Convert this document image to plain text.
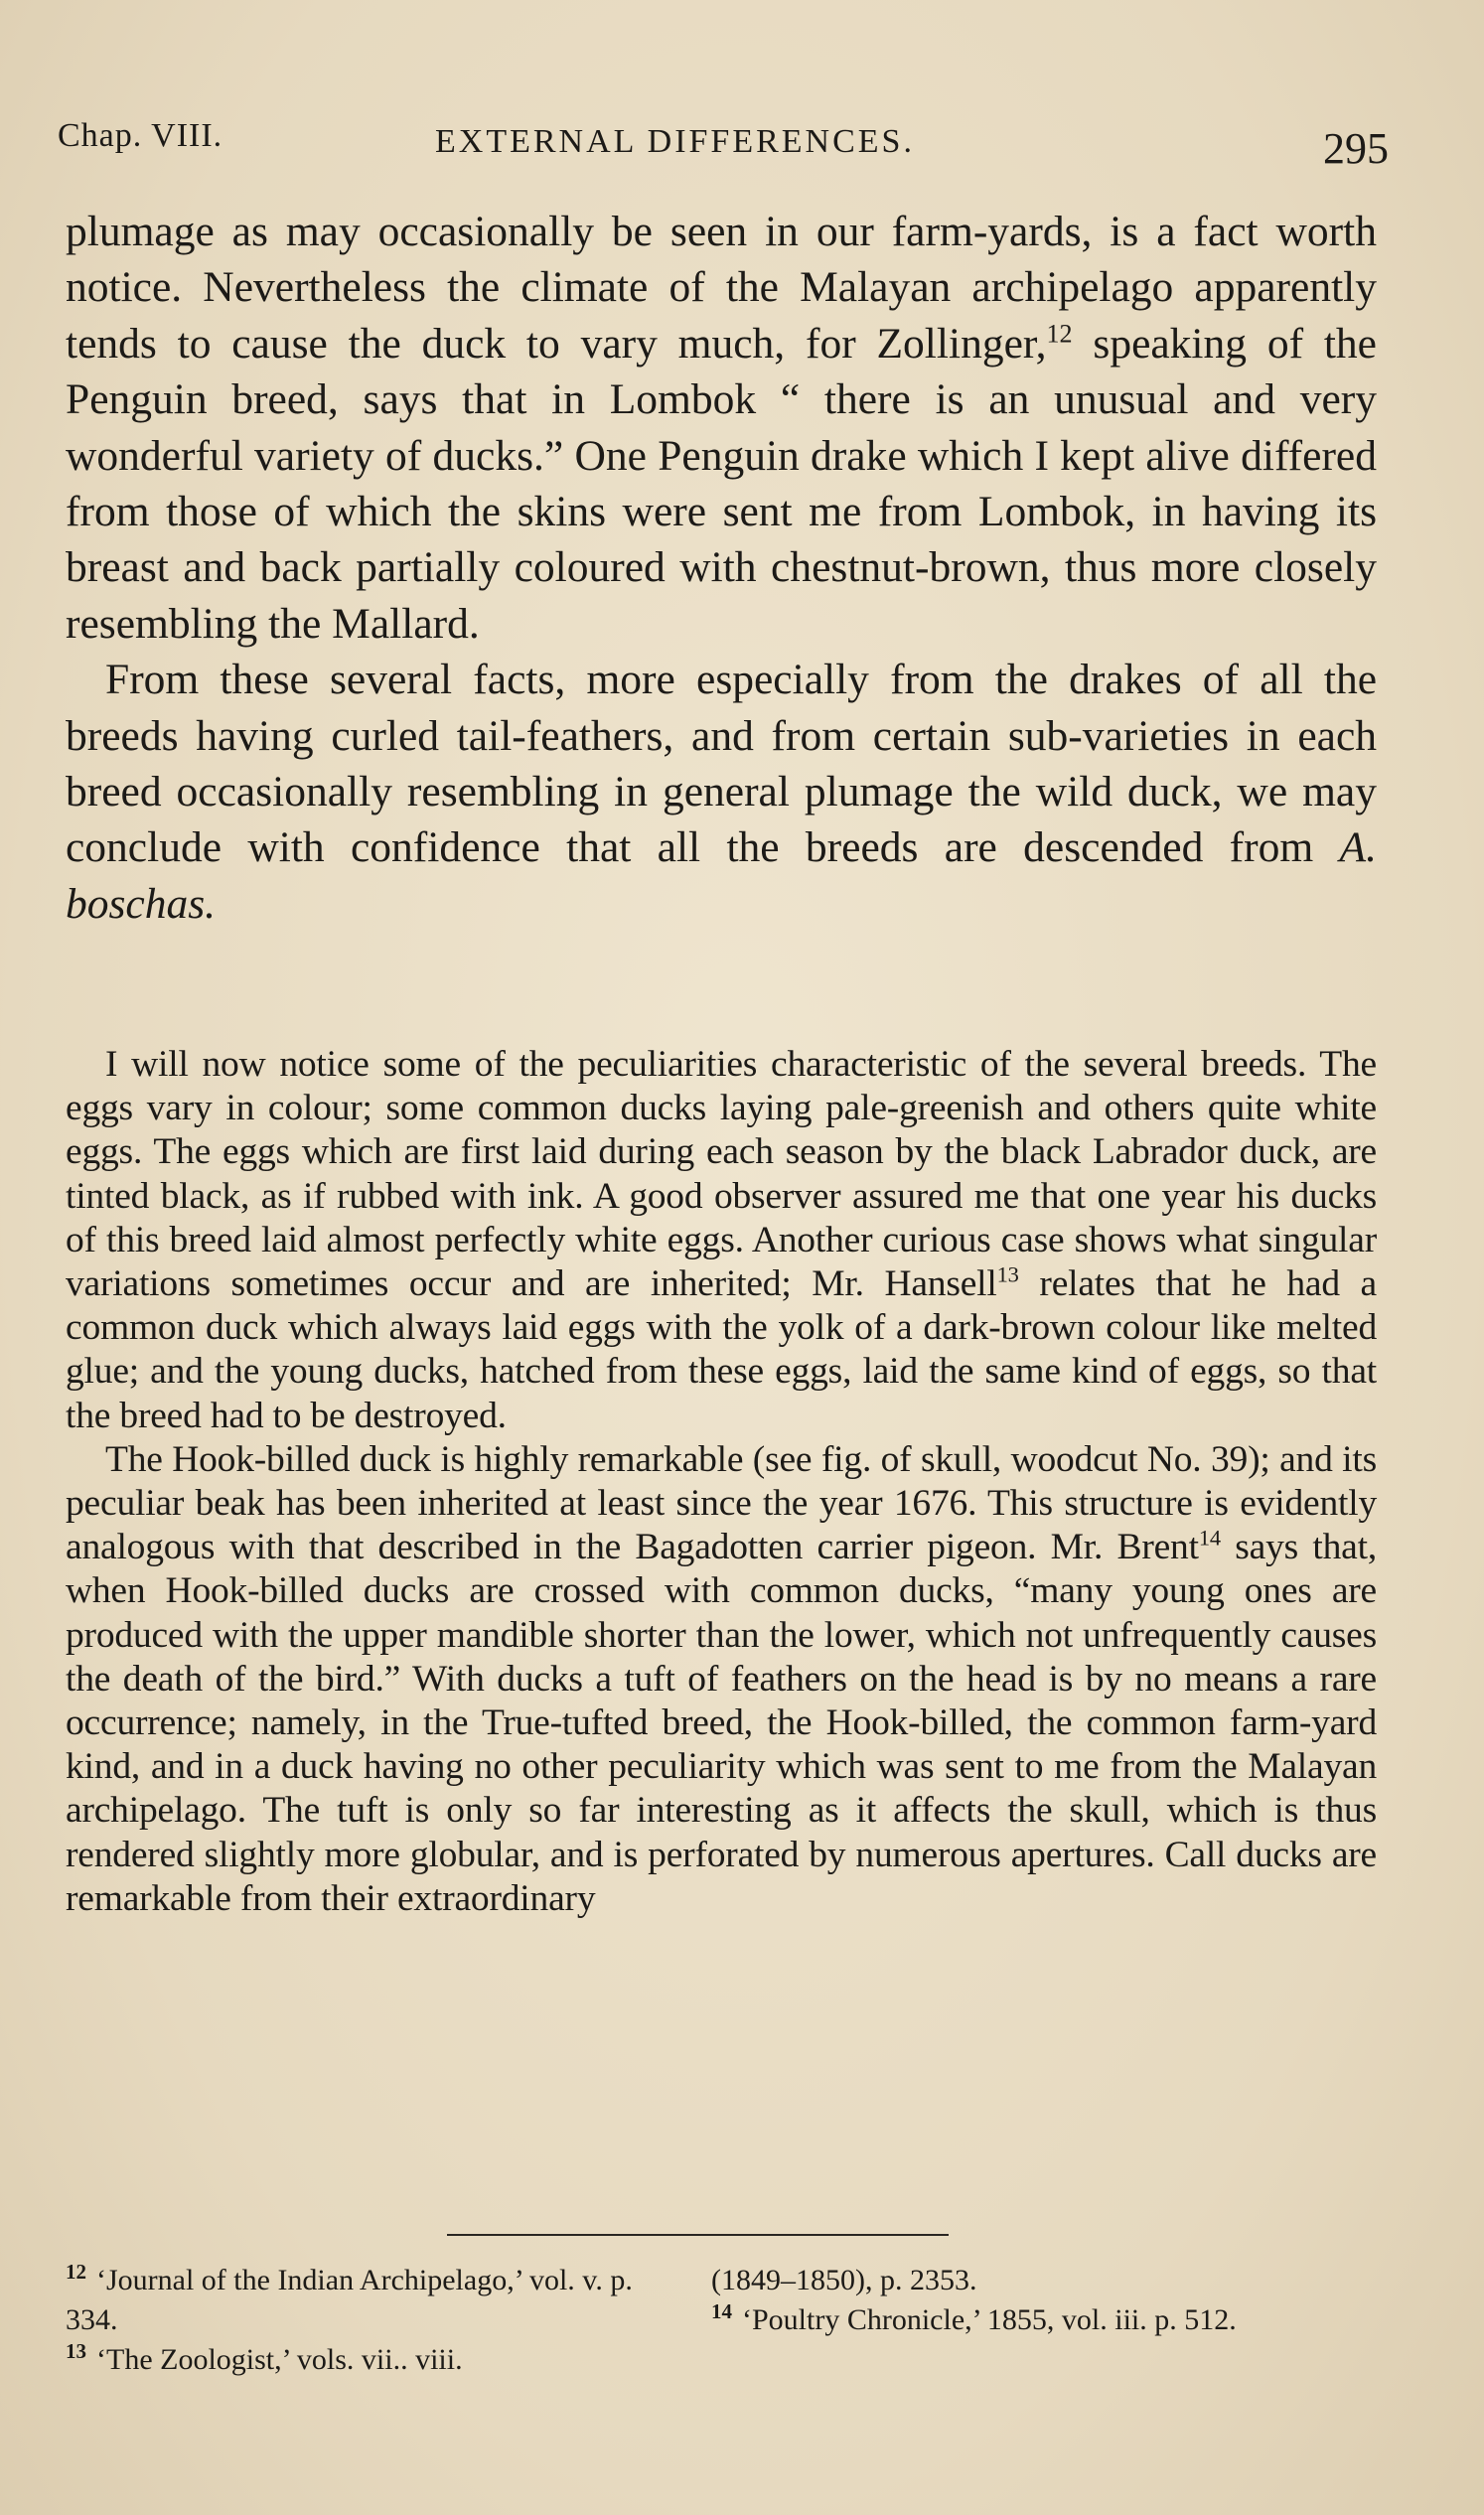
Chap. VIII.	EXTERNAL DIFFERENCES.	295

plumage as may occasionally be seen in our farm-yards, is a fact worth notice. Nevertheless the climate of the Malayan archipelago apparently tends to cause the duck to vary much, for Zollinger,$^{12}$ speaking of the Penguin breed, says that in Lombok “ there is an unusual and very wonderful variety of ducks.” One Penguin drake which I kept alive differed from those of which the skins were sent me from Lombok, in having its breast and back partially coloured with chestnut-brown, thus more closely resembling the Mallard.

From these several facts, more especially from the drakes of all the breeds having curled tail-feathers, and from certain sub-varieties in each breed occasionally resembling in general plumage the wild duck, we may conclude with confidence that all the breeds are descended from A. boschas.

I will now notice some of the peculiarities characteristic of the several breeds. The eggs vary in colour; some common ducks laying pale-greenish and others quite white eggs. The eggs which are first laid during each season by the black Labrador duck, are tinted black, as if rubbed with ink. A good observer assured me that one year his ducks of this breed laid almost perfectly white eggs. Another curious case shows what singular variations sometimes occur and are inherited; Mr. Hansell$^{13}$ relates that he had a common duck which always laid eggs with the yolk of a dark-brown colour like melted glue; and the young ducks, hatched from these eggs, laid the same kind of eggs, so that the breed had to be destroyed.

The Hook-billed duck is highly remarkable (see fig. of skull, woodcut No. 39); and its peculiar beak has been inherited at least since the year 1676. This structure is evidently analogous with that described in the Bagadotten carrier pigeon. Mr. Brent$^{14}$ says that, when Hook-billed ducks are crossed with common ducks, “many young ones are produced with the upper mandible shorter than the lower, which not unfrequently causes the death of the bird.” With ducks a tuft of feathers on the head is by no means a rare occurrence; namely, in the True-tufted breed, the Hook-billed, the common farm-yard kind, and in a duck having no other peculiarity which was sent to me from the Malayan archipelago. The tuft is only so far interesting as it affects the skull, which is thus rendered slightly more globular, and is perforated by numerous apertures. Call ducks are remarkable from their extraordinary

$^{12}$ ‘Journal of the Indian Archipelago,’ vol. v. p. 334.

$^{13}$ ‘The Zoologist,’ vols. vii.. viii.

(1849–1850), p. 2353.

$^{14}$ ‘Poultry Chronicle,’ 1855, vol. iii. p. 512.
